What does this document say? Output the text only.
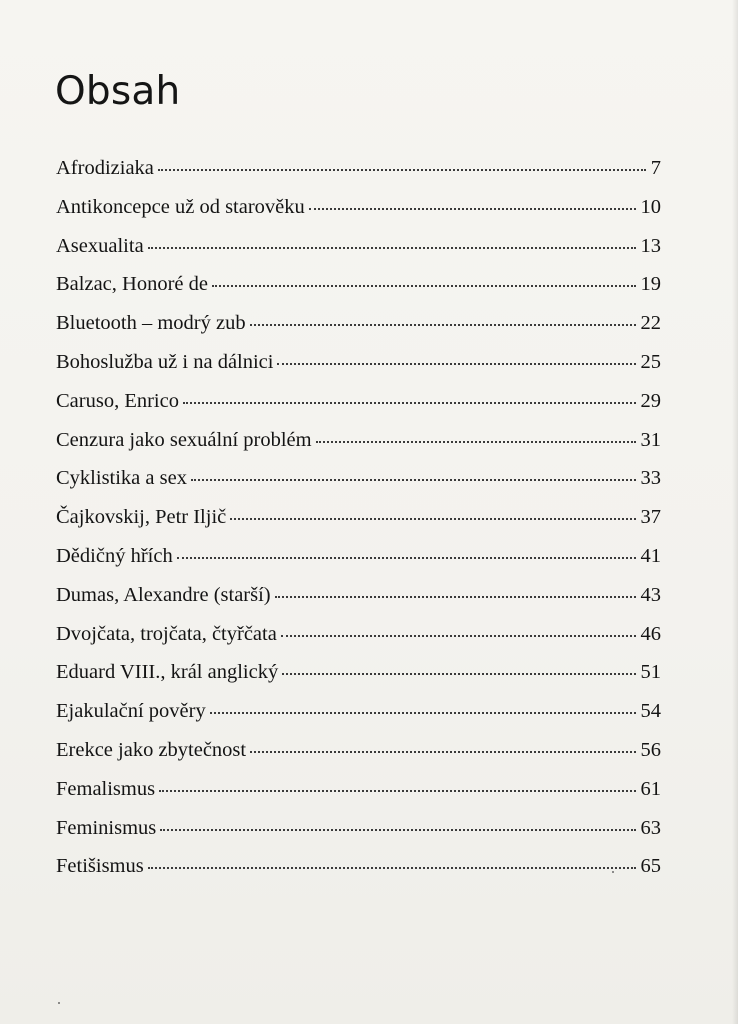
Obsah
Afrodiziaka	7
Antikoncepce už od starověku	10
Asexualita	13
Balzac, Honoré de	19
Bluetooth – modrý zub	22
Bohoslužba už i na dálnici	25
Caruso, Enrico	29
Cenzura jako sexuální problém	31
Cyklistika a sex	33
Čajkovskij, Petr Iljič	37
Dědičný hřích	41
Dumas, Alexandre (starší)	43
Dvojčata, trojčata, čtyřčata	46
Eduard VIII., král anglický	51
Ejakulační pověry	54
Erekce jako zbytečnost	56
Femalismus	61
Feminismus	63
Fetišismus	65
